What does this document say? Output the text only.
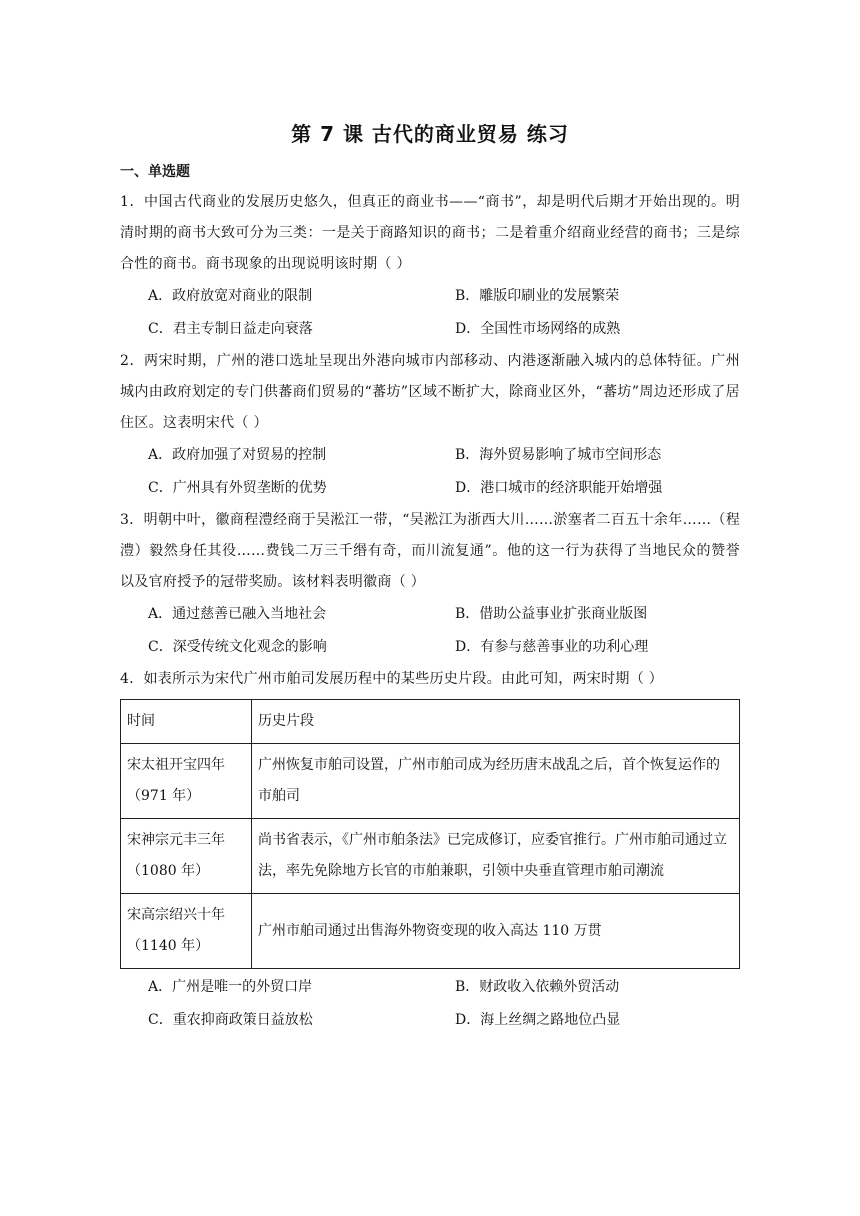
第 7 课 古代的商业贸易 练习
一、单选题

1．中国古代商业的发展历史悠久，但真正的商业书——“商书”，却是明代后期才开始出现的。明清时期的商书大致可分为三类：一是关于商路知识的商书；二是着重介绍商业经营的商书；三是综合性的商书。商书现象的出现说明该时期（ ）

A．政府放宽对商业的限制	B．雕版印刷业的发展繁荣
C．君主专制日益走向衰落	D．全国性市场网络的成熟

2．两宋时期，广州的港口选址呈现出外港向城市内部移动、内港逐渐融入城内的总体特征。广州城内由政府划定的专门供蕃商们贸易的“蕃坊”区域不断扩大，除商业区外，“蕃坊”周边还形成了居住区。这表明宋代（ ）

A．政府加强了对贸易的控制	B．海外贸易影响了城市空间形态
C．广州具有外贸垄断的优势	D．港口城市的经济职能开始增强

3．明朝中叶，徽商程澧经商于吴淞江一带，“吴淞江为浙西大川……淤塞者二百五十余年……（程澧）毅然身任其役……费钱二万三千缗有奇，而川流复通”。他的这一行为获得了当地民众的赞誉以及官府授予的冠带奖励。该材料表明徽商（ ）

A．通过慈善已融入当地社会	B．借助公益事业扩张商业版图
C．深受传统文化观念的影响	D．有参与慈善事业的功利心理

4．如表所示为宋代广州市舶司发展历程中的某些历史片段。由此可知，两宋时期（ ）

时间	历史片段
宋太祖开宝四年（971 年）	广州恢复市舶司设置，广州市舶司成为经历唐末战乱之后，首个恢复运作的市舶司
宋神宗元丰三年（1080 年）	尚书省表示，《广州市舶条法》已完成修订，应委官推行。广州市舶司通过立法，率先免除地方长官的市舶兼职，引领中央垂直管理市舶司潮流
宋高宗绍兴十年（1140 年）	广州市舶司通过出售海外物资变现的收入高达 110 万贯
A．广州是唯一的外贸口岸	B．财政收入依赖外贸活动
C．重农抑商政策日益放松	D．海上丝绸之路地位凸显
